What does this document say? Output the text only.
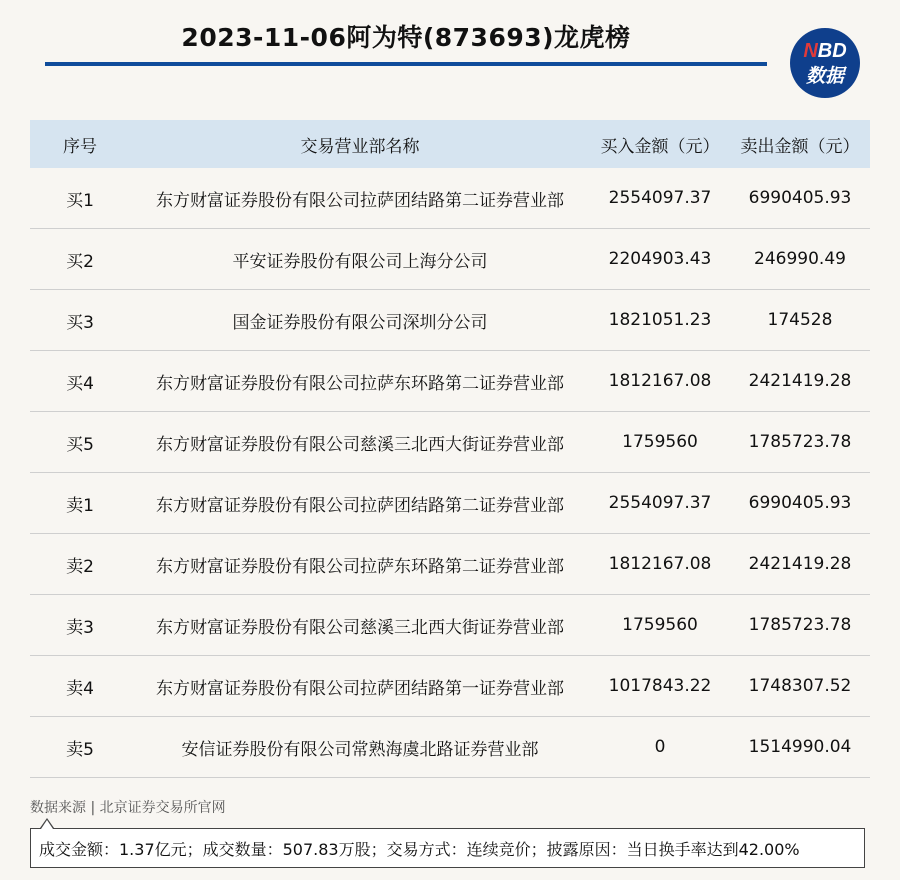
2023-11-06阿为特(873693)龙虎榜	NBD
数据
序号	交易营业部名称	买入金额（元）	卖出金额（元）
买1	东方财富证券股份有限公司拉萨团结路第二证券营业部	2554097.37	6990405.93
买2	平安证券股份有限公司上海分公司	2204903.43	246990.49
买3	国金证券股份有限公司深圳分公司	1821051.23	174528
买4	东方财富证券股份有限公司拉萨东环路第二证券营业部	1812167.08	2421419.28
买5	东方财富证券股份有限公司慈溪三北西大街证券营业部	1759560	1785723.78
卖1	东方财富证券股份有限公司拉萨团结路第二证券营业部	2554097.37	6990405.93
卖2	东方财富证券股份有限公司拉萨东环路第二证券营业部	1812167.08	2421419.28
卖3	东方财富证券股份有限公司慈溪三北西大街证券营业部	1759560	1785723.78
卖4	东方财富证券股份有限公司拉萨团结路第一证券营业部	1017843.22	1748307.52
卖5	安信证券股份有限公司常熟海虞北路证券营业部	0	1514990.04
数据来源 | 北京证券交易所官网
成交金额：1.37亿元；成交数量：507.83万股；交易方式：连续竞价；披露原因：当日换手率达到42.00%
